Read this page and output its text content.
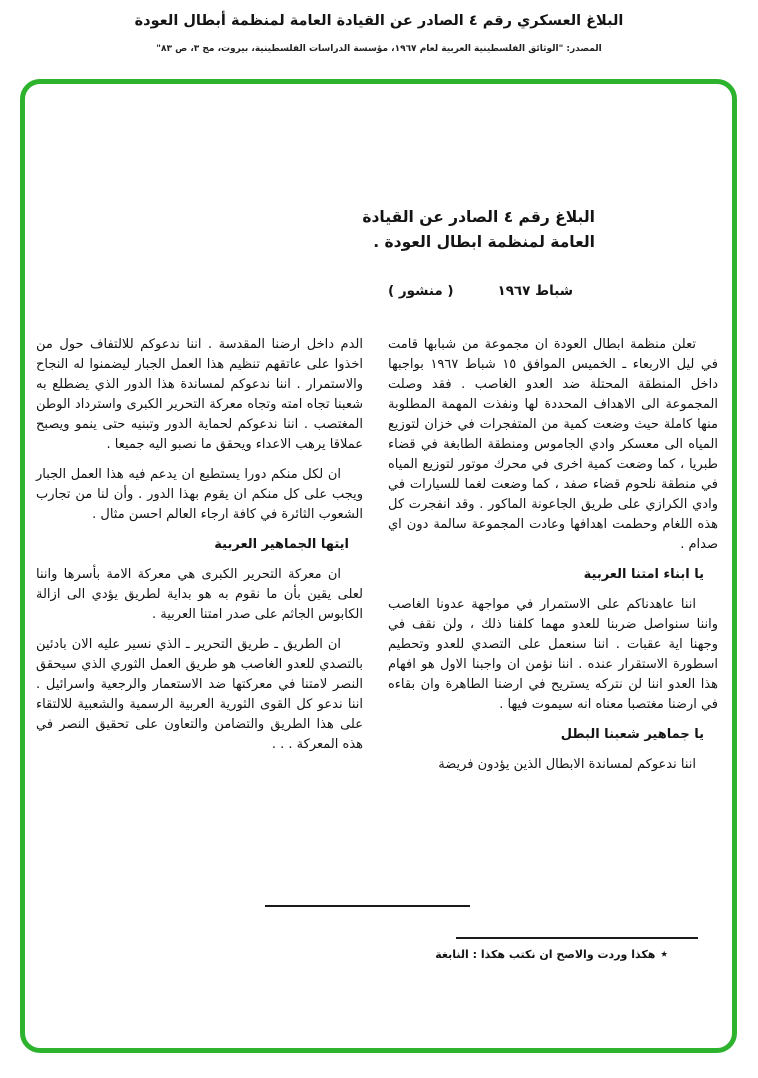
البلاغ العسكري رقم ٤ الصادر عن القيادة العامة لمنظمة أبطال العودة
المصدر: "الوثائق الفلسطينية العربية لعام ١٩٦٧، مؤسسة الدراسات الفلسطينية، بيروت، مج ٣، ص ٨٣"
البلاغ رقم ٤ الصادر عن القيادة
العامة لمنظمة ابطال العودة .
شباط ١٩٦٧
( منشور )

تعلن منظمة ابطال العودة ان مجموعة من شبابها قامت في ليل الاربعاء ـ الخميس الموافق ١٥ شباط ١٩٦٧ بواجبها داخل المنطقة المحتلة ضد العدو الغاصب . فقد وصلت المجموعة الى الاهداف المحددة لها ونفذت المهمة المطلوبة منها كاملة حيث وضعت كمية من المتفجرات في خزان لتوزيع المياه الى معسكر وادي الجاموس ومنطقة الطابغة في قضاء طبريا ، كما وضعت كمية اخرى في محرك موتور لتوزيع المياه في منطقة نلحوم قضاء صفد ، كما وضعت لغما للسيارات في وادي الكرازي على طريق الجاعونة الماكور . وقد انفجرت كل هذه اللغام وحطمت اهدافها وعادت المجموعة سالمة دون اي صدام .

يا ابناء امتنا العربية

اننا عاهدناكم على الاستمرار في مواجهة عدونا الغاصب واننا سنواصل ضربنا للعدو مهما كلفنا ذلك ، ولن نقف في وجهنا اية عقبات . اننا سنعمل على التصدي للعدو وتحطيم اسطورة الاستقرار عنده . اننا نؤمن ان واجبنا الاول هو افهام هذا العدو اننا لن نتركه يستريح في ارضنا الطاهرة وان بقاءه في ارضنا مغتصبا معناه انه سيموت فيها .

يا جماهير شعبنا البطل

اننا ندعوكم لمساندة الابطال الذين يؤدون فريضة

الدم داخل ارضنا المقدسة . اننا ندعوكم للالتفاف حول من اخذوا على عاتقهم تنظيم هذا العمل الجبار ليضمنوا له النجاح والاستمرار . اننا ندعوكم لمساندة هذا الدور الذي يضطلع به شعبنا تجاه امته وتجاه معركة التحرير الكبرى واسترداد الوطن المغتصب . اننا ندعوكم لحماية الدور وتبنيه حتى ينمو ويصبح عملاقا يرهب الاعداء ويحقق ما نصبو اليه جميعا .

ان لكل منكم دورا يستطيع ان يدعم فيه هذا العمل الجبار ويجب على كل منكم ان يقوم بهذا الدور . وأن لنا من تجارب الشعوب الثائرة في كافة ارجاء العالم احسن مثال .

ايتها الجماهير العربية

ان معركة التحرير الكبرى هي معركة الامة بأسرها واننا لعلى يقين بأن ما نقوم به هو بداية لطريق يؤدي الى ازالة الكابوس الجاثم على صدر امتنا العربية .

ان الطريق ـ طريق التحرير ـ الذي نسير عليه الان بادئين بالتصدي للعدو الغاصب هو طريق العمل الثوري الذي سيحقق النصر لامتنا في معركتها ضد الاستعمار والرجعية واسرائيل . اننا ندعو كل القوى الثورية العربية الرسمية والشعبية للالتقاء على هذا الطريق والتضامن والتعاون على تحقيق النصر في هذه المعركة . . .

٭هكذا وردت والاصح ان نكتب هكذا : النابغة
